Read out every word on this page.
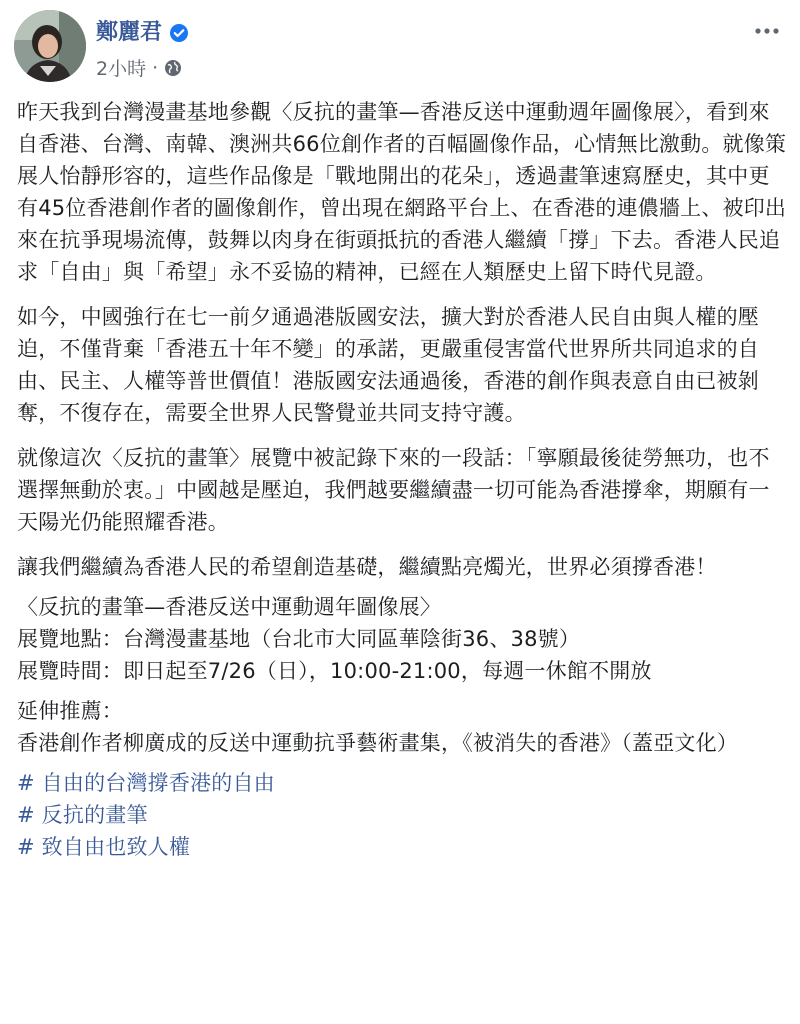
鄭麗君
2小時 ·

昨天我到台灣漫畫基地參觀〈反抗的畫筆—香港反送中運動週年圖像展〉，看到來自香港、台灣、南韓、澳洲共66位創作者的百幅圖像作品，心情無比激動。就像策展人怡靜形容的，這些作品像是「戰地開出的花朵」，透過畫筆速寫歷史，其中更有45位香港創作者的圖像創作，曾出現在網路平台上、在香港的連儂牆上、被印出來在抗爭現場流傳，鼓舞以肉身在街頭抵抗的香港人繼續「撐」下去。香港人民追求「自由」與「希望」永不妥協的精神，已經在人類歷史上留下時代見證。

如今，中國強行在七一前夕通過港版國安法，擴大對於香港人民自由與人權的壓迫，不僅背棄「香港五十年不變」的承諾，更嚴重侵害當代世界所共同追求的自由、民主、人權等普世價值！港版國安法通過後，香港的創作與表意自由已被剝奪，不復存在，需要全世界人民警覺並共同支持守護。

就像這次〈反抗的畫筆〉展覽中被記錄下來的一段話：「寧願最後徒勞無功，也不選擇無動於衷。」中國越是壓迫，我們越要繼續盡一切可能為香港撐傘，期願有一天陽光仍能照耀香港。

讓我們繼續為香港人民的希望創造基礎，繼續點亮燭光，世界必須撐香港！

〈反抗的畫筆—香港反送中運動週年圖像展〉
展覽地點：台灣漫畫基地（台北市大同區華陰街36、38號）
展覽時間：即日起至7/26（日），10:00-21:00，每週一休館不開放

延伸推薦：
香港創作者柳廣成的反送中運動抗爭藝術畫集，《被消失的香港》（蓋亞文化）

# 自由的台灣撐香港的自由
# 反抗的畫筆
# 致自由也致人權
